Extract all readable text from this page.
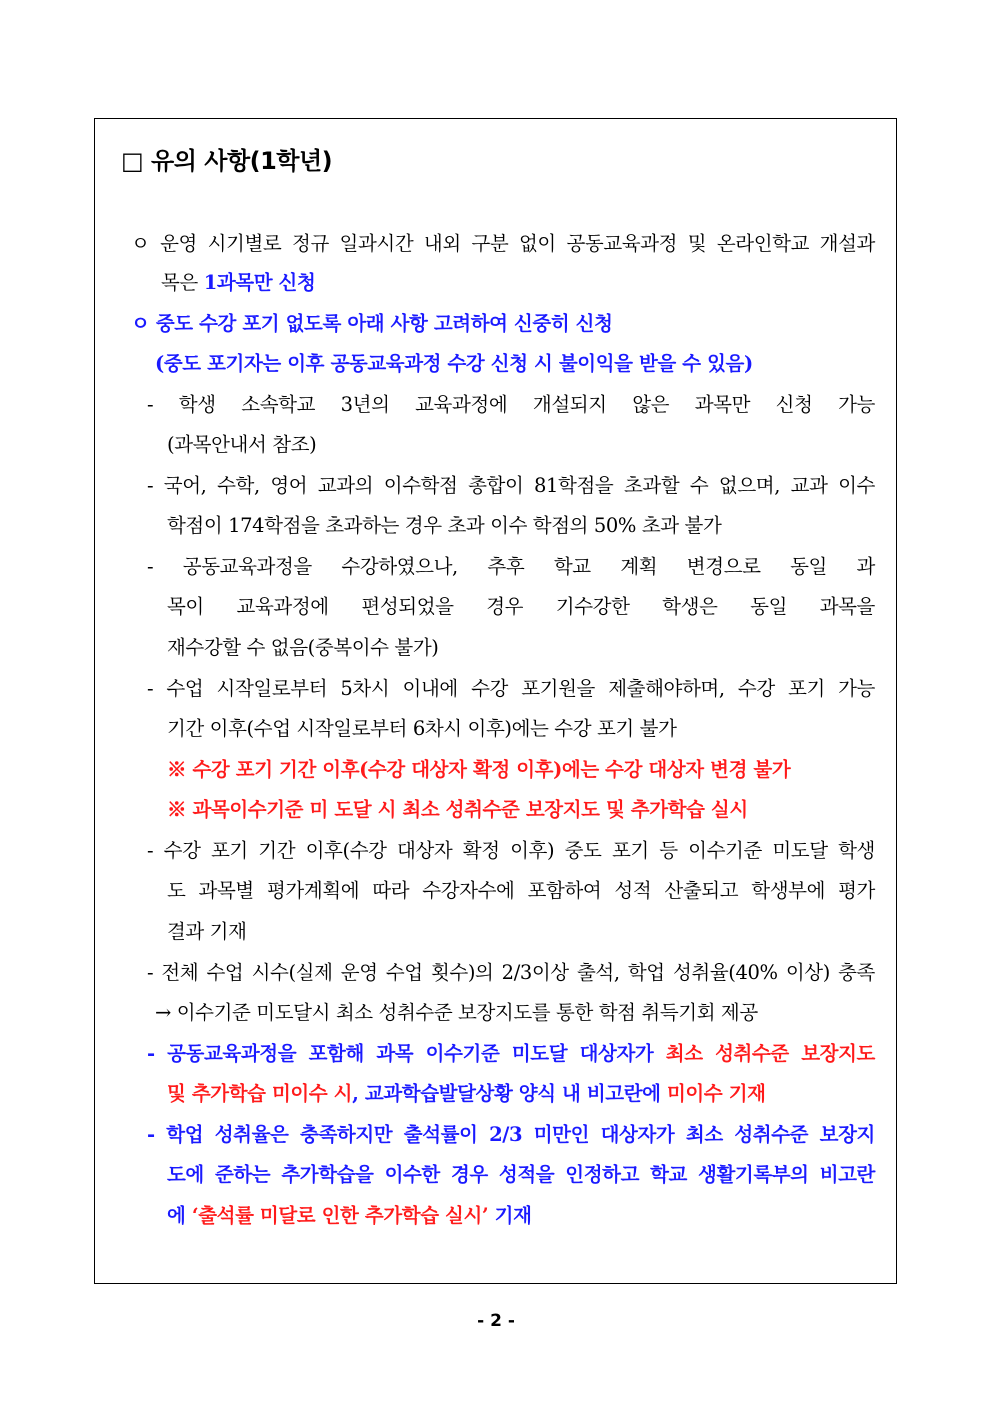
□ 유의 사항(1학년)
ㅇ 운영 시기별로 정규 일과시간 내외 구분 없이 공동교육과정 및 온라인학교 개설과
목은 1과목만 신청
ㅇ 중도 수강 포기 없도록 아래 사항 고려하여 신중히 신청
(중도 포기자는 이후 공동교육과정 수강 신청 시 불이익을 받을 수 있음)
- 학생 소속학교 3년의 교육과정에 개설되지 않은 과목만 신청 가능
(과목안내서 참조)
- 국어, 수학, 영어 교과의 이수학점 총합이 81학점을 초과할 수 없으며, 교과 이수
학점이 174학점을 초과하는 경우 초과 이수 학점의 50% 초과 불가
- 공동교육과정을 수강하였으나, 추후 학교 계획 변경으로 동일 과
목이 교육과정에 편성되었을 경우 기수강한 학생은 동일 과목을
재수강할 수 없음(중복이수 불가)
- 수업 시작일로부터 5차시 이내에 수강 포기원을 제출해야하며, 수강 포기 가능
기간 이후(수업 시작일로부터 6차시 이후)에는 수강 포기 불가
※ 수강 포기 기간 이후(수강 대상자 확정 이후)에는 수강 대상자 변경 불가
※ 과목이수기준 미 도달 시 최소 성취수준 보장지도 및 추가학습 실시
- 수강 포기 기간 이후(수강 대상자 확정 이후) 중도 포기 등 이수기준 미도달 학생
도 과목별 평가계획에 따라 수강자수에 포함하여 성적 산출되고 학생부에 평가
결과 기재
- 전체 수업 시수(실제 운영 수업 횟수)의 2/3이상 출석, 학업 성취율(40% 이상) 충족
→ 이수기준 미도달시 최소 성취수준 보장지도를 통한 학점 취득기회 제공
- 공동교육과정을 포함해 과목 이수기준 미도달 대상자가 최소 성취수준 보장지도
및 추가학습 미이수 시, 교과학습발달상황 양식 내 비고란에 미이수 기재
- 학업 성취율은 충족하지만 출석률이 2/3 미만인 대상자가 최소 성취수준 보장지
도에 준하는 추가학습을 이수한 경우 성적을 인정하고 학교 생활기록부의 비고란
에 ‘출석률 미달로 인한 추가학습 실시’ 기재
- 2 -
